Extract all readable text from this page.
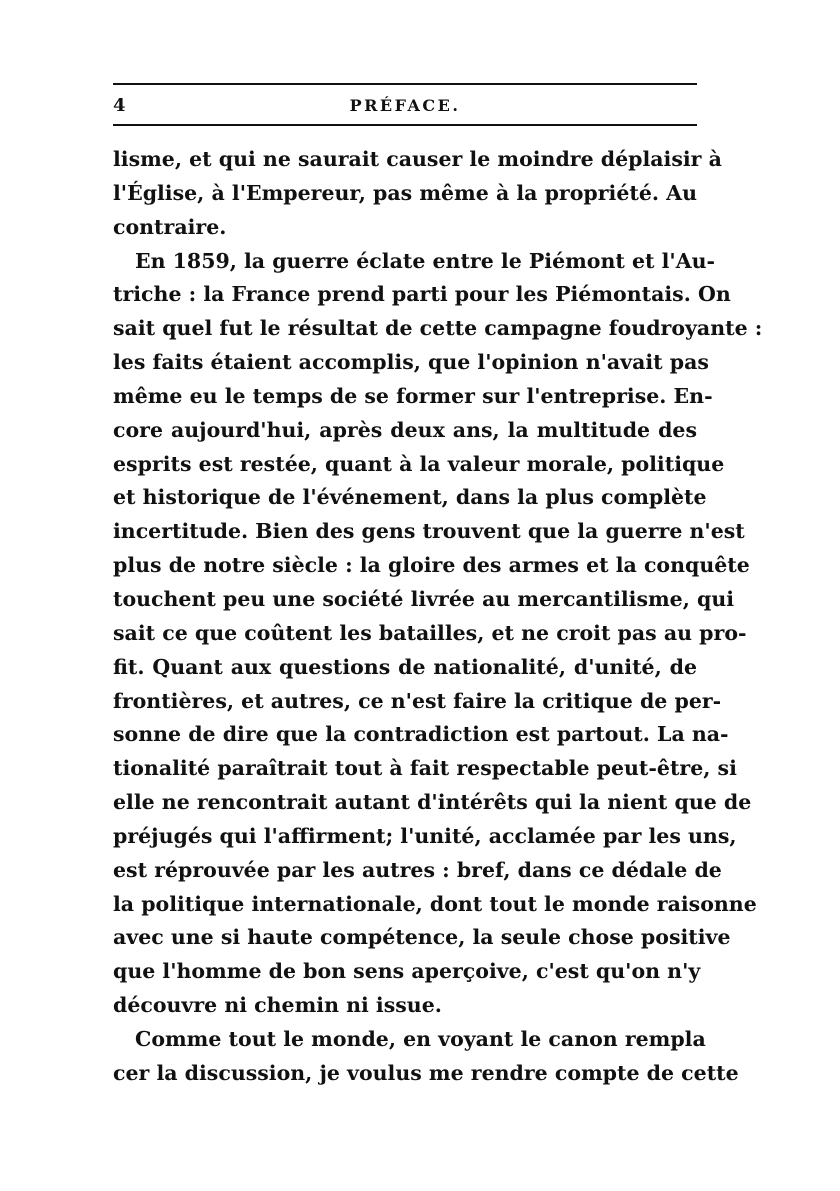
4	PRÉFACE.
lisme, et qui ne saurait causer le moindre déplaisir à
l'Église, à l'Empereur, pas même à la propriété. Au
contraire.
En 1859, la guerre éclate entre le Piémont et l'Au-
triche : la France prend parti pour les Piémontais. On
sait quel fut le résultat de cette campagne foudroyante :
les faits étaient accomplis, que l'opinion n'avait pas
même eu le temps de se former sur l'entreprise. En-
core aujourd'hui, après deux ans, la multitude des
esprits est restée, quant à la valeur morale, politique
et historique de l'événement, dans la plus complète
incertitude. Bien des gens trouvent que la guerre n'est
plus de notre siècle : la gloire des armes et la conquête
touchent peu une société livrée au mercantilisme, qui
sait ce que coûtent les batailles, et ne croit pas au pro-
fit. Quant aux questions de nationalité, d'unité, de
frontières, et autres, ce n'est faire la critique de per-
sonne de dire que la contradiction est partout. La na-
tionalité paraîtrait tout à fait respectable peut-être, si
elle ne rencontrait autant d'intérêts qui la nient que de
préjugés qui l'affirment; l'unité, acclamée par les uns,
est réprouvée par les autres : bref, dans ce dédale de
la politique internationale, dont tout le monde raisonne
avec une si haute compétence, la seule chose positive
que l'homme de bon sens aperçoive, c'est qu'on n'y
découvre ni chemin ni issue.
Comme tout le monde, en voyant le canon rempla
cer la discussion, je voulus me rendre compte de cette
